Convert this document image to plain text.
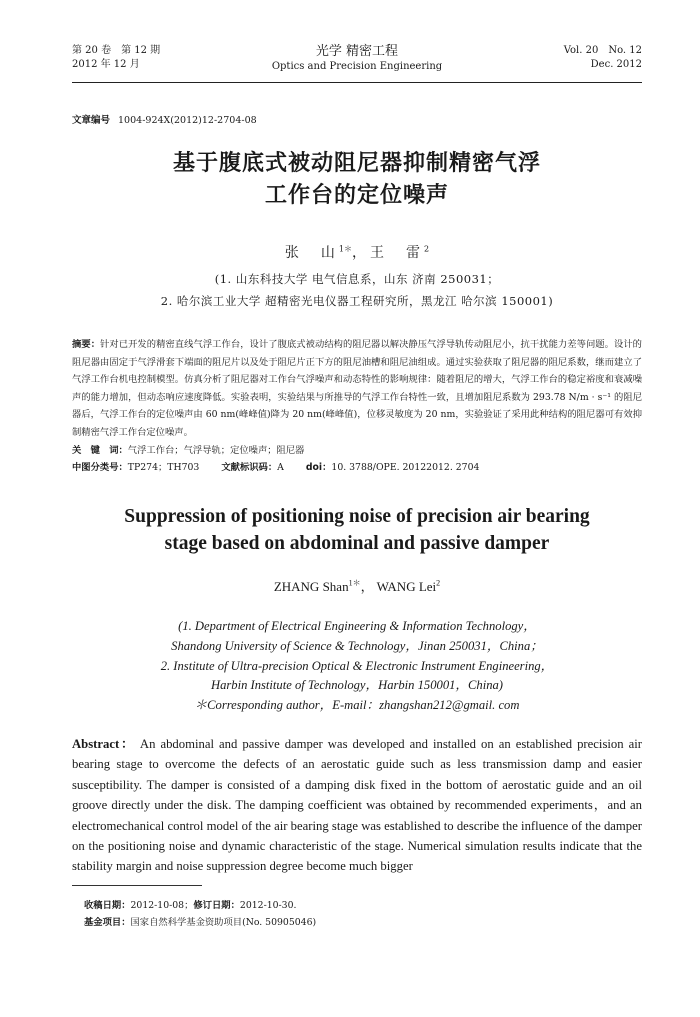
第 20 卷　第 12 期
2012 年 12 月
光学 精密工程
Optics and Precision Engineering
Vol. 20　No. 12
Dec. 2012
文章编号 1004-924X(2012)12-2704-08
基于腹底式被动阻尼器抑制精密气浮
工作台的定位噪声
张　山$^{1*}$，王　雷$^2$
(1. 山东科技大学 电气信息系，山东 济南 250031；
2. 哈尔滨工业大学 超精密光电仪器工程研究所，黑龙江 哈尔滨 150001)
摘要：针对已开发的精密直线气浮工作台，设计了腹底式被动结构的阻尼器以解决静压气浮导轨传动阻尼小，抗干扰能力差等问题。设计的阻尼器由固定于气浮滑套下端面的阻尼片以及处于阻尼片正下方的阻尼油槽和阻尼油组成。通过实验获取了阻尼器的阻尼系数，继而建立了气浮工作台机电控制模型。仿真分析了阻尼器对工作台气浮噪声和动态特性的影响规律：随着阻尼的增大，气浮工作台的稳定裕度和衰减噪声的能力增加，但动态响应速度降低。实验表明，实验结果与所推导的气浮工作台特性一致，且增加阻尼系数为 293.78 N/m · s⁻¹ 的阻尼器后，气浮工作台的定位噪声由 60 nm(峰峰值)降为 20 nm(峰峰值)，位移灵敏度为 20 nm，实验验证了采用此种结构的阻尼器可有效抑制精密气浮工作台定位噪声。
关　键　词：气浮工作台；气浮导轨；定位噪声；阻尼器
中图分类号：TP274；TH703 文献标识码：A doi：10. 3788/OPE. 20122012. 2704
Suppression of positioning noise of precision air bearing
stage based on abdominal and passive damper
ZHANG Shan$^{1*}$， WANG Lei$^2$
(1. Department of Electrical Engineering & Information Technology，
Shandong University of Science & Technology，Jinan 250031，China；
2. Institute of Ultra-precision Optical & Electronic Instrument Engineering，
Harbin Institute of Technology，Harbin 150001，China)
＊Corresponding author，E-mail：zhangshan212@gmail. com
Abstract： An abdominal and passive damper was developed and installed on an established precision air bearing stage to overcome the defects of an aerostatic guide such as less transmission damp and easier susceptibility. The damper is consisted of a damping disk fixed in the bottom of aerostatic guide and an oil groove directly under the disk. The damping coefficient was obtained by recommended experiments，and an electromechanical control model of the air bearing stage was established to describe the influence of the damper on the positioning noise and dynamic characteristic of the stage. Numerical simulation results indicate that the stability margin and noise suppression degree become much bigger
收稿日期：2012-10-08；修订日期：2012-10-30.
基金项目：国家自然科学基金资助项目(No. 50905046)
